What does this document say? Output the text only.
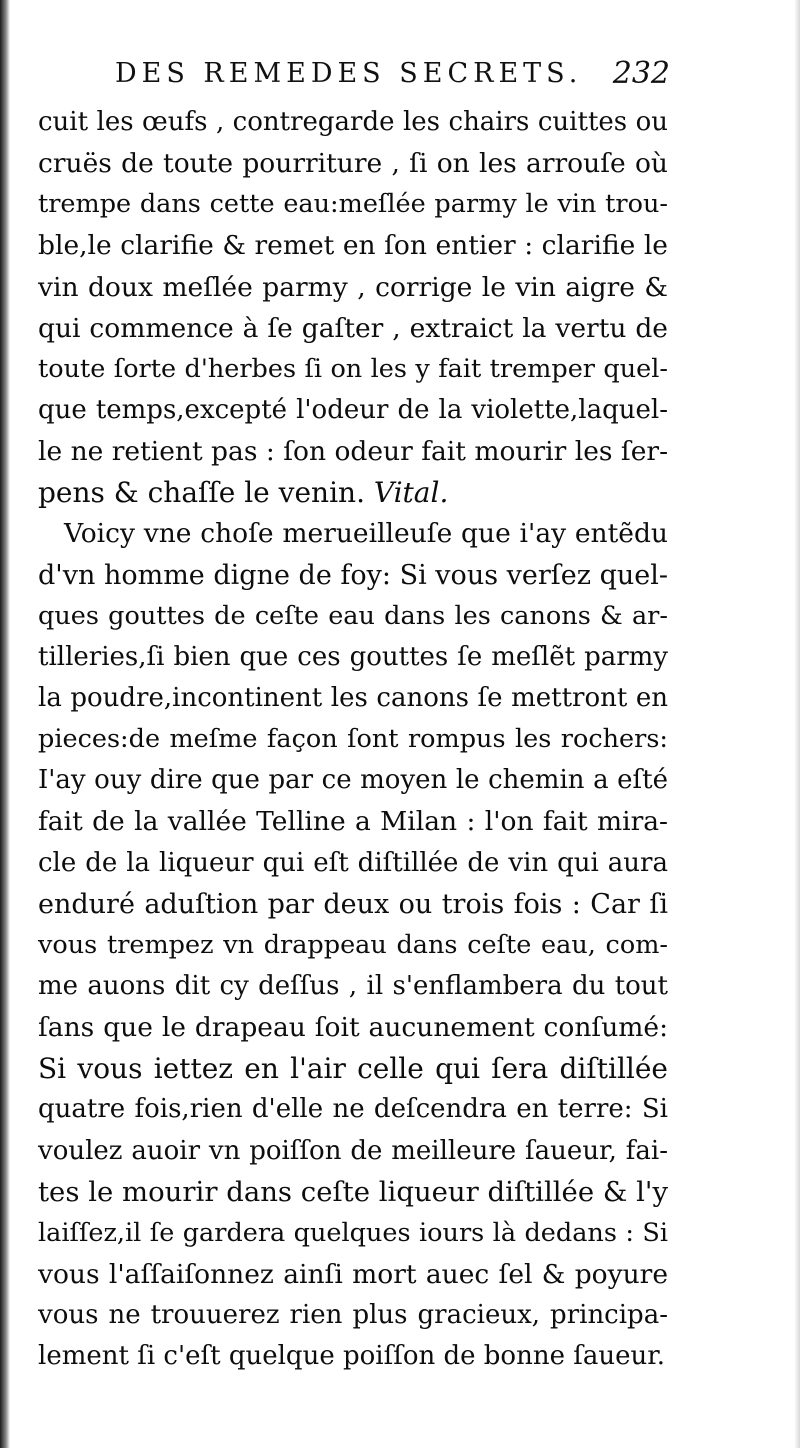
DES REMEDES SECRETS. 232
cuit les œufs , contregarde les chairs cuittes ou
cruës de toute pourriture , ſi on les arrouſe où
trempe dans cette eau:meſlée parmy le vin trou-
ble,le clarifie & remet en ſon entier : clarifie le
vin doux meſlée parmy , corrige le vin aigre &
qui commence à ſe gaſter , extraict la vertu de
toute ſorte d'herbes ſi on les y fait tremper quel-
que temps,excepté l'odeur de la violette,laquel-
le ne retient pas : ſon odeur fait mourir les ſer-
pens & chaſſe le venin. Vital.
Voicy vne choſe merueilleuſe que i'ay entẽdu
d'vn homme digne de foy: Si vous verſez quel-
ques gouttes de ceſte eau dans les canons & ar-
tilleries,ſi bien que ces gouttes ſe meſlẽt parmy
la poudre,incontinent les canons ſe mettront en
pieces:de meſme façon ſont rompus les rochers:
I'ay ouy dire que par ce moyen le chemin a eſté
fait de la vallée Telline a Milan : l'on fait mira-
cle de la liqueur qui eſt diſtillée de vin qui aura
enduré aduſtion par deux ou trois fois : Car ſi
vous trempez vn drappeau dans ceſte eau, com-
me auons dit cy deſſus , il s'enflambera du tout
ſans que le drapeau ſoit aucunement conſumé:
Si vous iettez en l'air celle qui ſera diſtillée
quatre fois,rien d'elle ne deſcendra en terre: Si
voulez auoir vn poiſſon de meilleure ſaueur, fai-
tes le mourir dans ceſte liqueur diſtillée & l'y
laiſſez,il ſe gardera quelques iours là dedans : Si
vous l'aſſaiſonnez ainſi mort auec ſel & poyure
vous ne trouuerez rien plus gracieux, principa-
lement ſi c'eſt quelque poiſſon de bonne ſaueur.
